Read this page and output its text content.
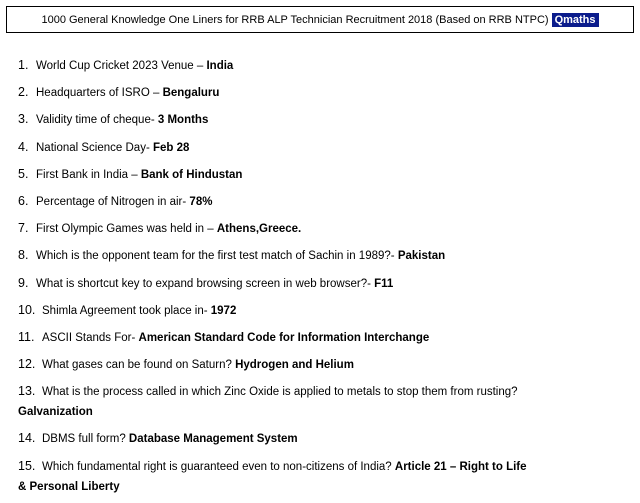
1000 General Knowledge One Liners for RRB ALP Technician Recruitment 2018 (Based on RRB NTPC) Qmaths
1. World Cup Cricket 2023 Venue – India
2. Headquarters of ISRO – Bengaluru
3. Validity time of cheque- 3 Months
4. National Science Day- Feb 28
5. First Bank in India – Bank of Hindustan
6. Percentage of Nitrogen in air- 78%
7. First Olympic Games was held in – Athens,Greece.
8. Which is the opponent team for the first test match of Sachin in 1989?- Pakistan
9. What is shortcut key to expand browsing screen in web browser?- F11
10. Shimla Agreement took place in- 1972
11. ASCII Stands For- American Standard Code for Information Interchange
12. What gases can be found on Saturn? Hydrogen and Helium
13. What is the process called in which Zinc Oxide is applied to metals to stop them from rusting?
Galvanization
14. DBMS full form? Database Management System
15. Which fundamental right is guaranteed even to non-citizens of India? Article 21 – Right to Life
& Personal Liberty
